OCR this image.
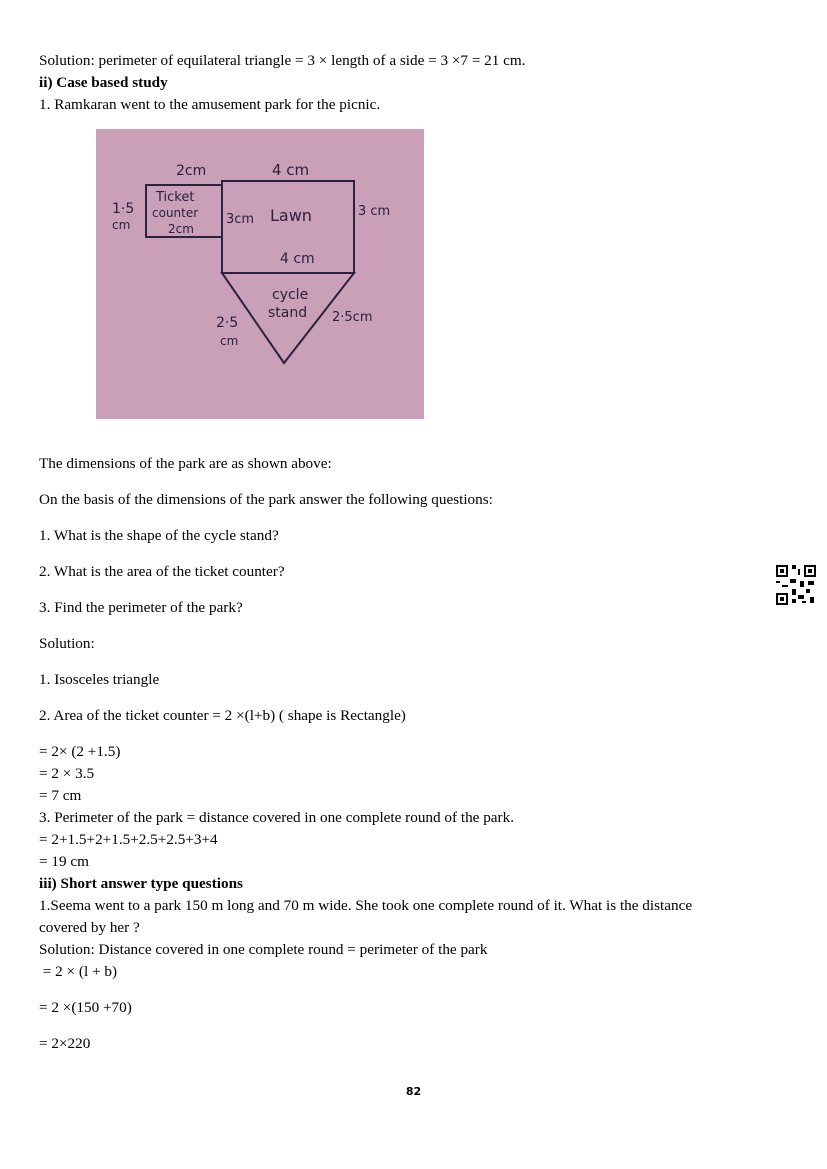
Solution: perimeter of equilateral triangle = 3 × length of a side = 3 ×7 = 21 cm.
ii) Case based study
1. Ramkaran went to the amusement park for the picnic.
2cm
1·5
cm
Ticket
counter
2cm
4 cm
3cm Lawn	3 cm
4 cm
cycle
stand
2·5
cm
2·5cm
The dimensions of the park are as shown above:
On the basis of the dimensions of the park answer the following questions:
1. What is the shape of the cycle stand?
2. What is the area of the ticket counter?
3. Find the perimeter of the park?
Solution:
1. Isosceles triangle
2. Area of the ticket counter = 2 ×(l+b) ( shape is Rectangle)
= 2× (2 +1.5)
= 2 × 3.5
= 7 cm
3. Perimeter of the park = distance covered in one complete round of the park.
= 2+1.5+2+1.5+2.5+2.5+3+4
= 19 cm
iii) Short answer type questions
1.Seema went to a park 150 m long and 70 m wide. She took one complete round of it. What is the distance
covered by her ?
Solution: Distance covered in one complete round = perimeter of the park
= 2 × (l + b)
= 2 ×(150 +70)
= 2×220
82
